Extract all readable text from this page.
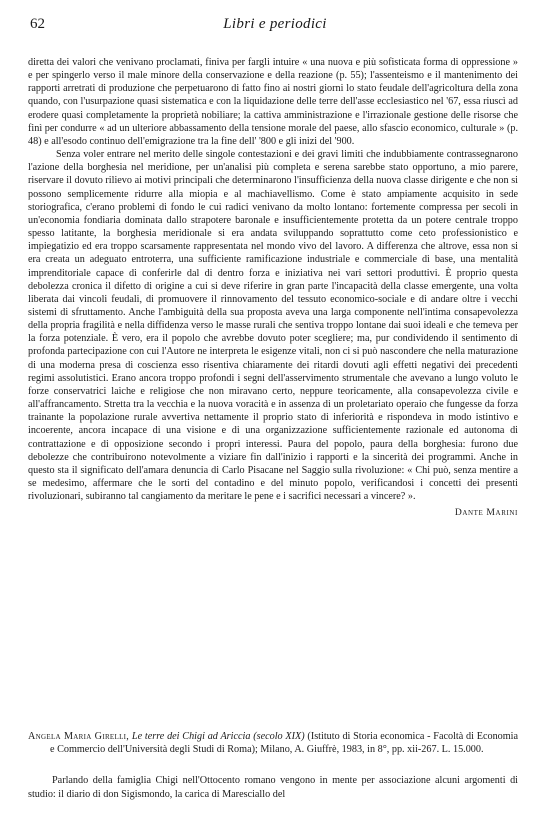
62	Libri e periodici

diretta dei valori che venivano proclamati, finiva per fargli intuire « una nuova e più sofisticata forma di oppressione » e per spingerlo verso il male minore della conservazione e della reazione (p. 55); l'assenteismo e il mantenimento dei rapporti arretrati di produzione che perpetuarono di fatto fino ai nostri giorni lo stato feudale dell'agricoltura della zona quando, con l'usurpazione quasi sistematica e con la liquidazione delle terre dell'asse ecclesiastico nel '67, essa riuscì ad erodere quasi completamente la proprietà nobiliare; la cattiva amministrazione e l'irrazionale gestione delle risorse che finì per condurre « ad un ulteriore abbassamento della tensione morale del paese, allo sfascio economico, culturale » (p. 48) e all'esodo continuo dell'emigrazione tra la fine dell' '800 e gli inizi del '900.

Senza voler entrare nel merito delle singole contestazioni e dei gravi limiti che indubbiamente contrassegnarono l'azione della borghesia nel meridione, per un'analisi più completa e serena sarebbe stato opportuno, a mio parere, riservare il dovuto rilievo ai motivi principali che determinarono l'insufficienza della nuova classe dirigente e che non si possono semplicemente ridurre alla miopia e al machiavellismo. Come è stato ampiamente acquisito in sede storiografica, c'erano problemi di fondo le cui radici venivano da molto lontano: fortemente compressa per secoli in un'economia fondiaria dominata dallo strapotere baronale e insufficientemente protetta da un potere centrale troppo spesso latitante, la borghesia meridionale si era andata sviluppando soprattutto come ceto professionistico e impiegatizio ed era troppo scarsamente rappresentata nel mondo vivo del lavoro. A differenza che altrove, essa non si era creata un adeguato entroterra, una sufficiente ramificazione industriale e commerciale di base, una mentalità imprenditoriale capace di conferirle dal di dentro forza e iniziativa nei vari settori produttivi. È proprio questa debolezza cronica il difetto di origine a cui si deve riferire in gran parte l'incapacità della classe emergente, una volta liberata dai vincoli feudali, di promuovere il rinnovamento del tessuto economico-sociale e di andare oltre i vecchi sistemi di sfruttamento. Anche l'ambiguità della sua proposta aveva una larga componente nell'intima consapevolezza della propria fragilità e nella diffidenza verso le masse rurali che sentiva troppo lontane dai suoi ideali e che temeva per la forza potenziale. È vero, era il popolo che avrebbe dovuto poter scegliere; ma, pur condividendo il sentimento di profonda partecipazione con cui l'Autore ne interpreta le esigenze vitali, non ci si può nascondere che nella maturazione di una moderna presa di coscienza esso risentiva chiaramente dei ritardi dovuti agli effetti negativi dei precedenti regimi assolutistici. Erano ancora troppo profondi i segni dell'asservimento strumentale che avevano a lungo voluto le forze conservatrici laiche e religiose che non miravano certo, neppure teoricamente, alla consapevolezza civile e all'affrancamento. Stretta tra la vecchia e la nuova voracità e in assenza di un proletariato operaio che fungesse da forza trainante la popolazione rurale avvertiva nettamente il proprio stato di inferiorità e rispondeva in modo istintivo e incoerente, ancora incapace di una visione e di una organizzazione sufficientemente razionale ed autonoma di contrattazione e di opposizione secondo i propri interessi. Paura del popolo, paura della borghesia: furono due debolezze che contribuirono notevolmente a viziare fin dall'inizio i rapporti e la sincerità dei programmi. Anche in questo sta il significato dell'amara denuncia di Carlo Pisacane nel Saggio sulla rivoluzione: « Chi può, senza mentire a se medesimo, affermare che le sorti del contadino e del minuto popolo, verificandosi i concetti dei presenti rivoluzionari, subiranno tal cangiamento da meritare le pene e i sacrifici necessari a vincere? ».

Dante Marini

Angela Maria Girelli, Le terre dei Chigi ad Ariccia (secolo XIX) (Istituto di Storia economica - Facoltà di Economia e Commercio dell'Università degli Studi di Roma); Milano, A. Giuffrè, 1983, in 8°, pp. xii-267. L. 15.000.

Parlando della famiglia Chigi nell'Ottocento romano vengono in mente per associazione alcuni argomenti di studio: il diario di don Sigismondo, la carica di Maresciallo del
